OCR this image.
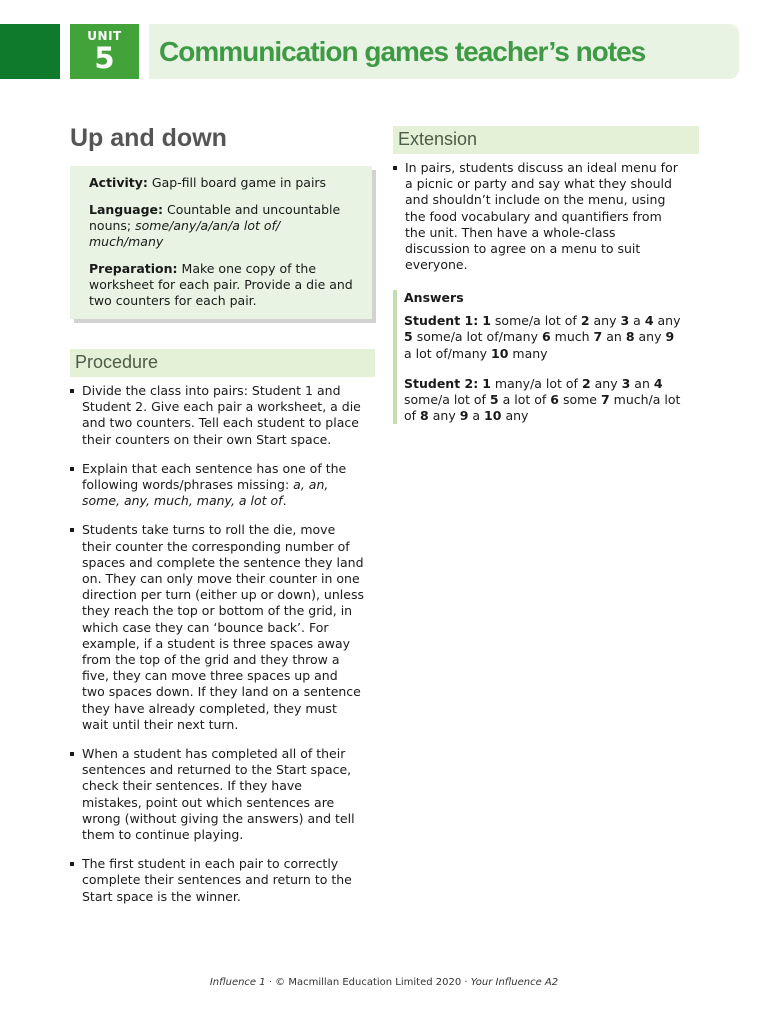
UNIT
5	Communication games teacher’s notes
Up and down

Activity: Gap-fill board game in pairs

Language: Countable and uncountable nouns; some/any/a/an/a lot of/ much/many

Preparation: Make one copy of the worksheet for each pair. Provide a die and two counters for each pair.

Procedure
Divide the class into pairs: Student 1 and Student 2. Give each pair a worksheet, a die and two counters. Tell each student to place their counters on their own Start space.
Explain that each sentence has one of the following words/phrases missing: a, an, some, any, much, many, a lot of.
Students take turns to roll the die, move their counter the corresponding number of spaces and complete the sentence they land on. They can only move their counter in one direction per turn (either up or down), unless they reach the top or bottom of the grid, in which case they can ‘bounce back’. For example, if a student is three spaces away from the top of the grid and they throw a five, they can move three spaces up and two spaces down. If they land on a sentence they have already completed, they must wait until their next turn.
When a student has completed all of their sentences and returned to the Start space, check their sentences. If they have mistakes, point out which sentences are wrong (without giving the answers) and tell them to continue playing.
The first student in each pair to correctly complete their sentences and return to the Start space is the winner.
Extension
In pairs, students discuss an ideal menu for a picnic or party and say what they should and shouldn’t include on the menu, using the food vocabulary and quantifiers from the unit. Then have a whole-class discussion to agree on a menu to suit everyone.
Answers
Student 1: 1 some/a lot of 2 any 3 a 4 any 5 some/a lot of/many 6 much 7 an 8 any 9 a lot of/many 10 many
Student 2: 1 many/a lot of 2 any 3 an 4 some/a lot of 5 a lot of 6 some 7 much/a lot of 8 any 9 a 10 any
Influence 1 · © Macmillan Education Limited 2020 · Your Influence A2
